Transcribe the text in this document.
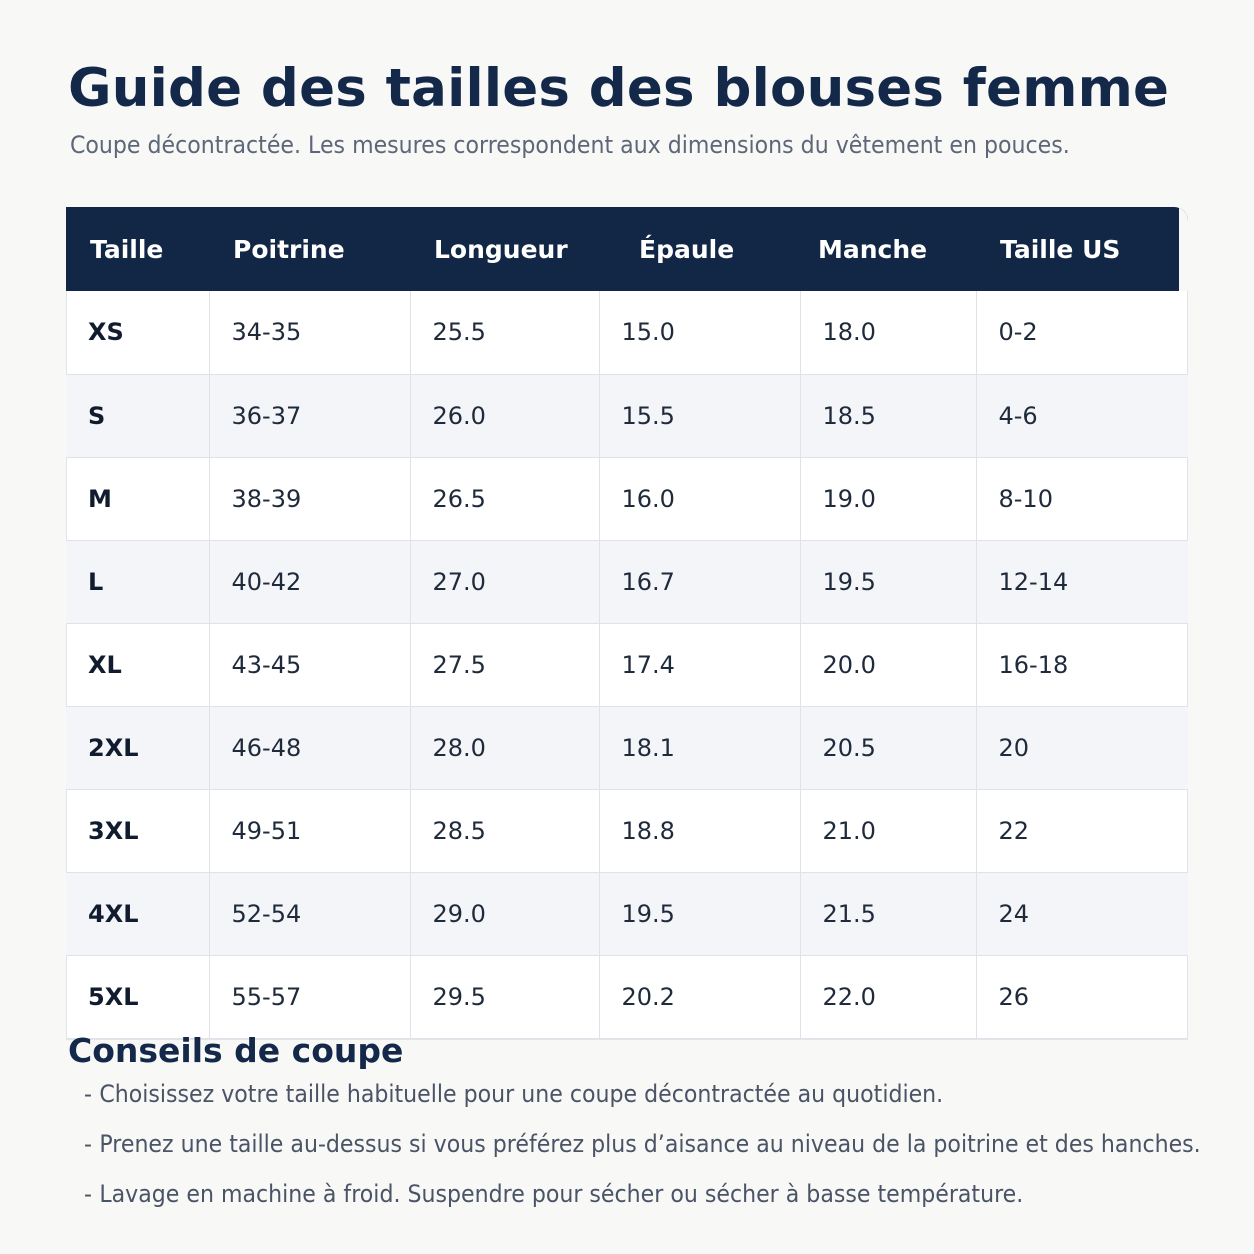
Guide des tailles des blouses femme

Coupe décontractée. Les mesures correspondent aux dimensions du vêtement en pouces.

Taille	Poitrine	Longueur	Épaule	Manche	Taille US
XS	34-35	25.5	15.0	18.0	0-2
S	36-37	26.0	15.5	18.5	4-6
M	38-39	26.5	16.0	19.0	8-10
L	40-42	27.0	16.7	19.5	12-14
XL	43-45	27.5	17.4	20.0	16-18
2XL	46-48	28.0	18.1	20.5	20
3XL	49-51	28.5	18.8	21.0	22
4XL	52-54	29.0	19.5	21.5	24
5XL	55-57	29.5	20.2	22.0	26
Conseils de coupe
- Choisissez votre taille habituelle pour une coupe décontractée au quotidien.
- Prenez une taille au-dessus si vous préférez plus d’aisance au niveau de la poitrine et des hanches.
- Lavage en machine à froid. Suspendre pour sécher ou sécher à basse température.
